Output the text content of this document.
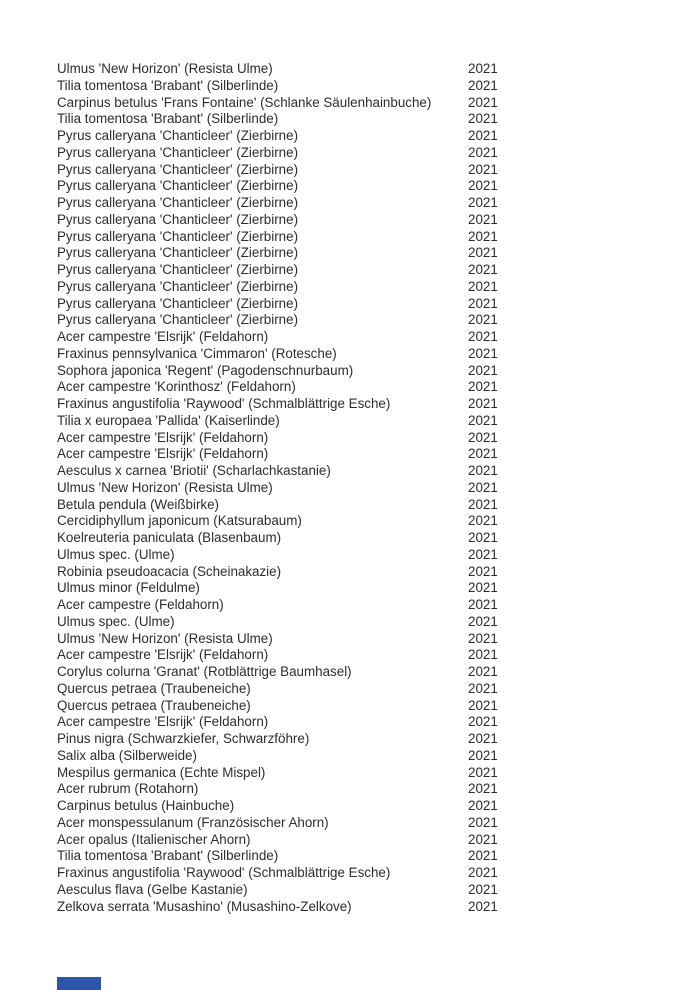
Ulmus 'New Horizon' (Resista Ulme)	2021
Tilia tomentosa 'Brabant' (Silberlinde)	2021
Carpinus betulus 'Frans Fontaine' (Schlanke Säulenhainbuche)	2021
Tilia tomentosa 'Brabant' (Silberlinde)	2021
Pyrus calleryana 'Chanticleer' (Zierbirne)	2021
Pyrus calleryana 'Chanticleer' (Zierbirne)	2021
Pyrus calleryana 'Chanticleer' (Zierbirne)	2021
Pyrus calleryana 'Chanticleer' (Zierbirne)	2021
Pyrus calleryana 'Chanticleer' (Zierbirne)	2021
Pyrus calleryana 'Chanticleer' (Zierbirne)	2021
Pyrus calleryana 'Chanticleer' (Zierbirne)	2021
Pyrus calleryana 'Chanticleer' (Zierbirne)	2021
Pyrus calleryana 'Chanticleer' (Zierbirne)	2021
Pyrus calleryana 'Chanticleer' (Zierbirne)	2021
Pyrus calleryana 'Chanticleer' (Zierbirne)	2021
Pyrus calleryana 'Chanticleer' (Zierbirne)	2021
Acer campestre 'Elsrijk' (Feldahorn)	2021
Fraxinus pennsylvanica 'Cimmaron' (Rotesche)	2021
Sophora japonica 'Regent' (Pagodenschnurbaum)	2021
Acer campestre 'Korinthosz' (Feldahorn)	2021
Fraxinus angustifolia 'Raywood' (Schmalblättrige Esche)	2021
Tilia x europaea 'Pallida' (Kaiserlinde)	2021
Acer campestre 'Elsrijk' (Feldahorn)	2021
Acer campestre 'Elsrijk' (Feldahorn)	2021
Aesculus x carnea 'Briotii' (Scharlachkastanie)	2021
Ulmus 'New Horizon' (Resista Ulme)	2021
Betula pendula (Weißbirke)	2021
Cercidiphyllum japonicum (Katsurabaum)	2021
Koelreuteria paniculata (Blasenbaum)	2021
Ulmus spec. (Ulme)	2021
Robinia pseudoacacia (Scheinakazie)	2021
Ulmus minor (Feldulme)	2021
Acer campestre (Feldahorn)	2021
Ulmus spec. (Ulme)	2021
Ulmus 'New Horizon' (Resista Ulme)	2021
Acer campestre 'Elsrijk' (Feldahorn)	2021
Corylus colurna 'Granat' (Rotblättrige Baumhasel)	2021
Quercus petraea (Traubeneiche)	2021
Quercus petraea (Traubeneiche)	2021
Acer campestre 'Elsrijk' (Feldahorn)	2021
Pinus nigra (Schwarzkiefer, Schwarzföhre)	2021
Salix alba (Silberweide)	2021
Mespilus germanica (Echte Mispel)	2021
Acer rubrum (Rotahorn)	2021
Carpinus betulus (Hainbuche)	2021
Acer monspessulanum (Französischer Ahorn)	2021
Acer opalus (Italienischer Ahorn)	2021
Tilia tomentosa 'Brabant' (Silberlinde)	2021
Fraxinus angustifolia 'Raywood' (Schmalblättrige Esche)	2021
Aesculus flava (Gelbe Kastanie)	2021
Zelkova serrata 'Musashino' (Musashino-Zelkove)	2021
